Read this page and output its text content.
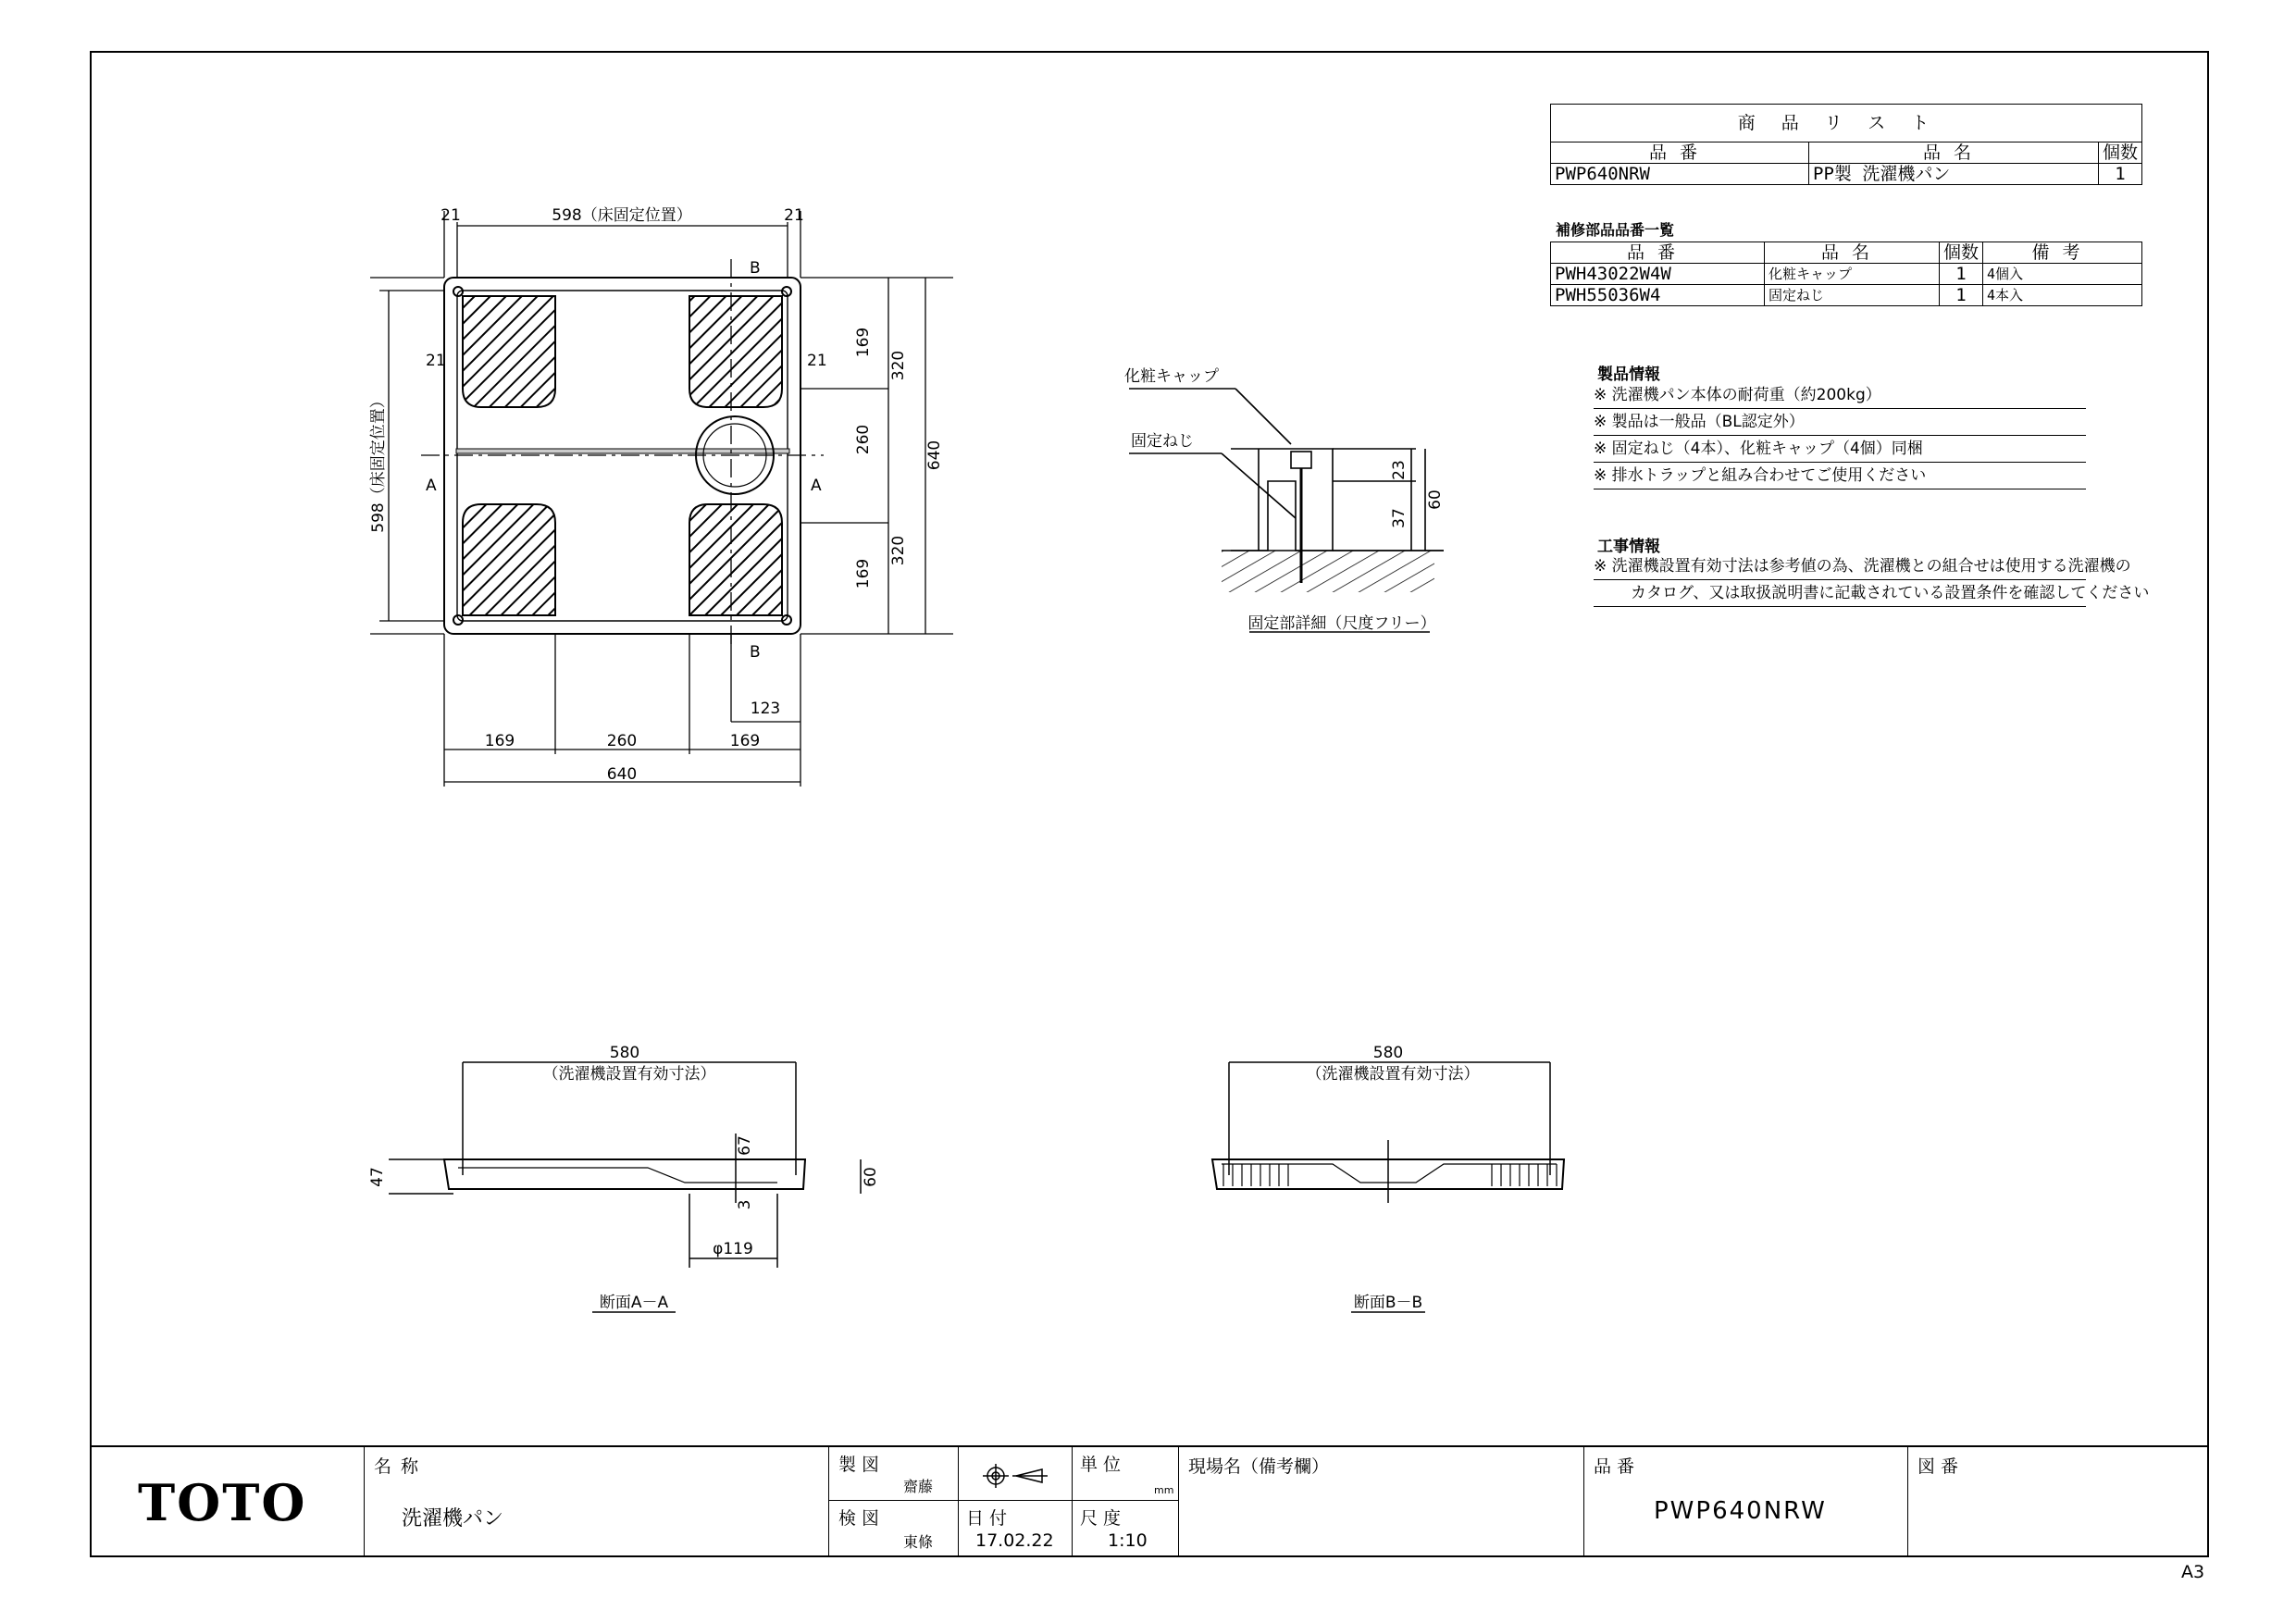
商品リスト		
品番	品名	個数
PWP640NRW	PP製 洗濯機パン	1
補修部品品番一覧
品番	品名	個数	備考
PWH43022W4W	化粧キャップ	1	4個入
PWH55036W4	固定ねじ	1	4本入
製品情報
※ 洗濯機パン本体の耐荷重（約200kg）
※ 製品は一般品（BL認定外）
※ 固定ねじ（4本）、化粧キャップ（4個）同梱
※ 排水トラップと組み合わせてご使用ください
工事情報
※ 洗濯機設置有効寸法は参考値の為、洗濯機との組合せは使用する洗濯機の
カタログ、又は取扱説明書に記載されている設置条件を確認してください
598（床固定位置）
21	21
21	21
598（床固定位置）	640
320
320
169
260
169
169	260	169
123
640
A	A
B
B
化粧キャップ
固定ねじ
23
37
60
固定部詳細（尺度フリー）
580
（洗濯機設置有効寸法）
47	60
67
3
φ119
断面A－A
580
（洗濯機設置有効寸法）
断面B－B
TOTO
名称
洗濯機パン
製図
齋藤
検図
東條
日付
17.02.22
単位
mm
尺度
1:10
現場名（備考欄）	品番
PWP640NRW
図番
A3
